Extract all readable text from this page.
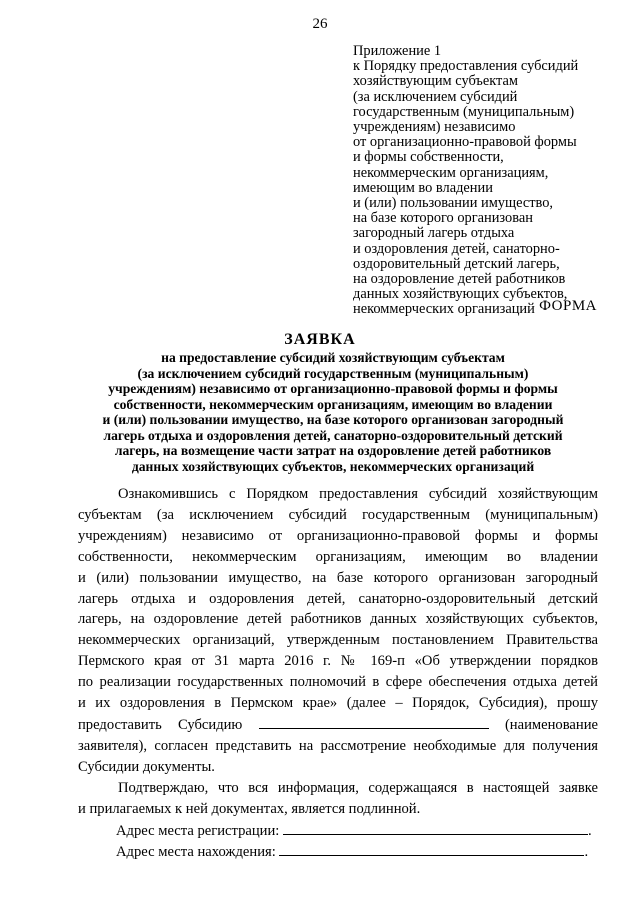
26
Приложение 1
к Порядку предоставления субсидий
хозяйствующим субъектам
(за исключением субсидий
государственным (муниципальным)
учреждениям) независимо
от организационно-правовой формы
и формы собственности,
некоммерческим организациям,
имеющим во владении
и (или) пользовании имущество,
на базе которого организован
загородный лагерь отдыха
и оздоровления детей, санаторно-
оздоровительный детский лагерь,
на оздоровление детей работников
данных хозяйствующих субъектов,
некоммерческих организаций ФОРМА
ЗАЯВКА
на предоставление субсидий хозяйствующим субъектам
(за исключением субсидий государственным (муниципальным)
учреждениям) независимо от организационно-правовой формы и формы
собственности, некоммерческим организациям, имеющим во владении
и (или) пользовании имущество, на базе которого организован загородный
лагерь отдыха и оздоровления детей, санаторно-оздоровительный детский
лагерь, на возмещение части затрат на оздоровление детей работников
данных хозяйствующих субъектов, некоммерческих организаций
Ознакомившись с Порядком предоставления субсидий хозяйствующим
субъектам (за исключением субсидий государственным (муниципальным)
учреждениям) независимо от организационно-правовой формы и формы
собственности, некоммерческим организациям, имеющим во владении
и (или) пользовании имущество, на базе которого организован загородный
лагерь отдыха и оздоровления детей, санаторно-оздоровительный детский
лагерь, на оздоровление детей работников данных хозяйствующих субъектов,
некоммерческих организаций, утвержденным постановлением Правительства
Пермского края от 31 марта 2016 г. № 169-п «Об утверждении порядков
по реализации государственных полномочий в сфере обеспечения отдыха детей
и их оздоровления в Пермском крае» (далее – Порядок, Субсидия), прошу
предоставить Субсидию	(наименование
заявителя), согласен представить на рассмотрение необходимые для получения
Субсидии документы.
Подтверждаю, что вся информация, содержащаяся в настоящей заявке
и прилагаемых к ней документах, является подлинной.
Адрес места регистрации:	.
Адрес места нахождения:	.
